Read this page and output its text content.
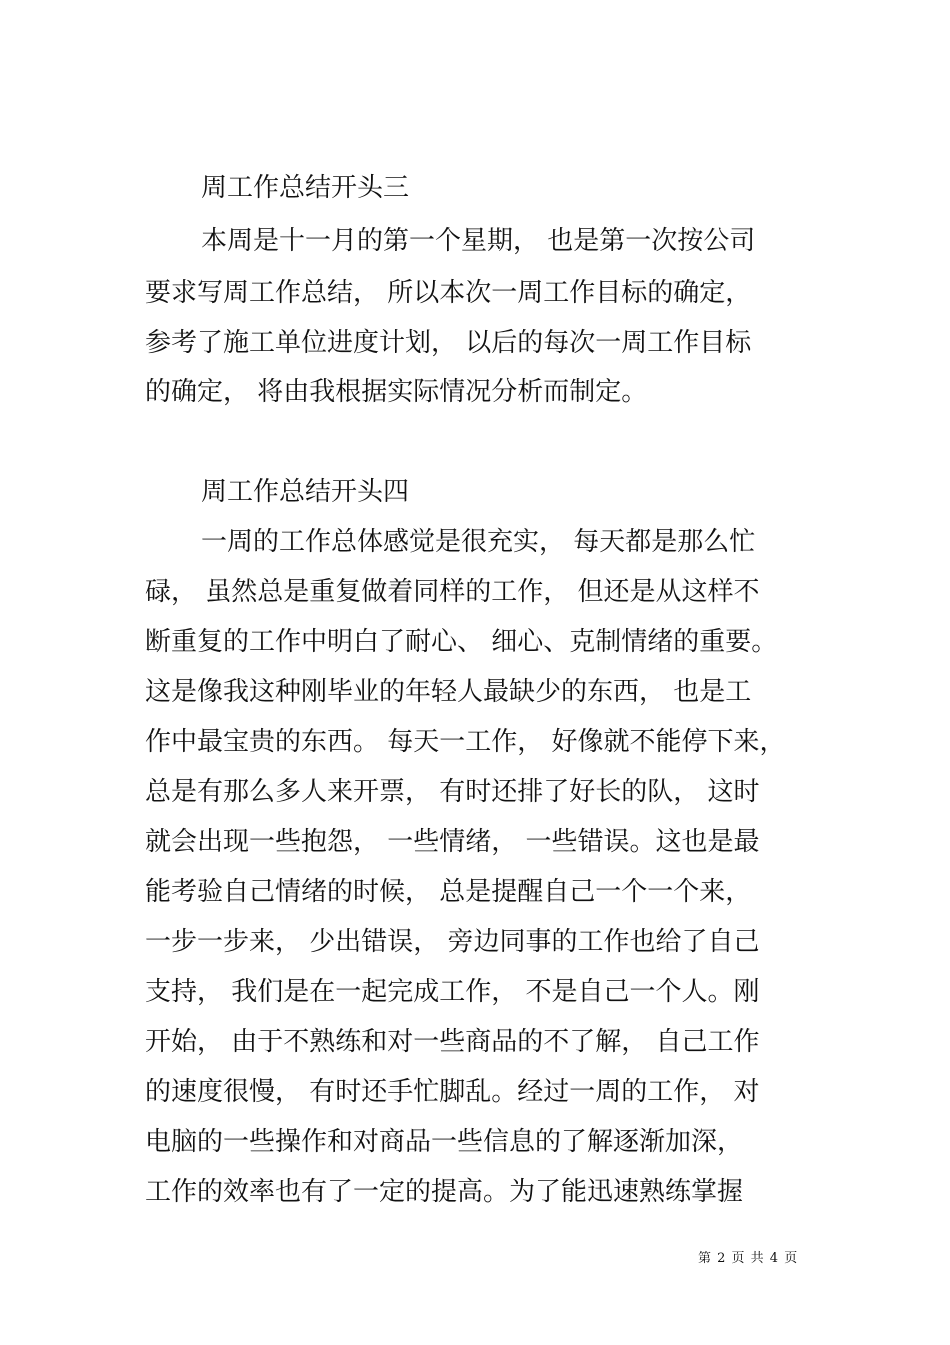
周工作总结开头三
本周是十一月的第一个星期， 也是第一次按公司
要求写周工作总结， 所以本次一周工作目标的确定，
参考了施工单位进度计划， 以后的每次一周工作目标
的确定， 将由我根据实际情况分析而制定。
周工作总结开头四
一周的工作总体感觉是很充实， 每天都是那么忙
碌， 虽然总是重复做着同样的工作， 但还是从这样不
断重复的工作中明白了耐心、 细心、克制情绪的重要。
这是像我这种刚毕业的年轻人最缺少的东西， 也是工
作中最宝贵的东西。 每天一工作， 好像就不能停下来，
总是有那么多人来开票， 有时还排了好长的队， 这时
就会出现一些抱怨， 一些情绪， 一些错误。这也是最
能考验自己情绪的时候， 总是提醒自己一个一个来，
一步一步来， 少出错误， 旁边同事的工作也给了自己
支持， 我们是在一起完成工作， 不是自己一个人。刚
开始， 由于不熟练和对一些商品的不了解， 自己工作
的速度很慢， 有时还手忙脚乱。经过一周的工作， 对
电脑的一些操作和对商品一些信息的了解逐渐加深，
工作的效率也有了一定的提高。为了能迅速熟练掌握
第 2 页 共 4 页
